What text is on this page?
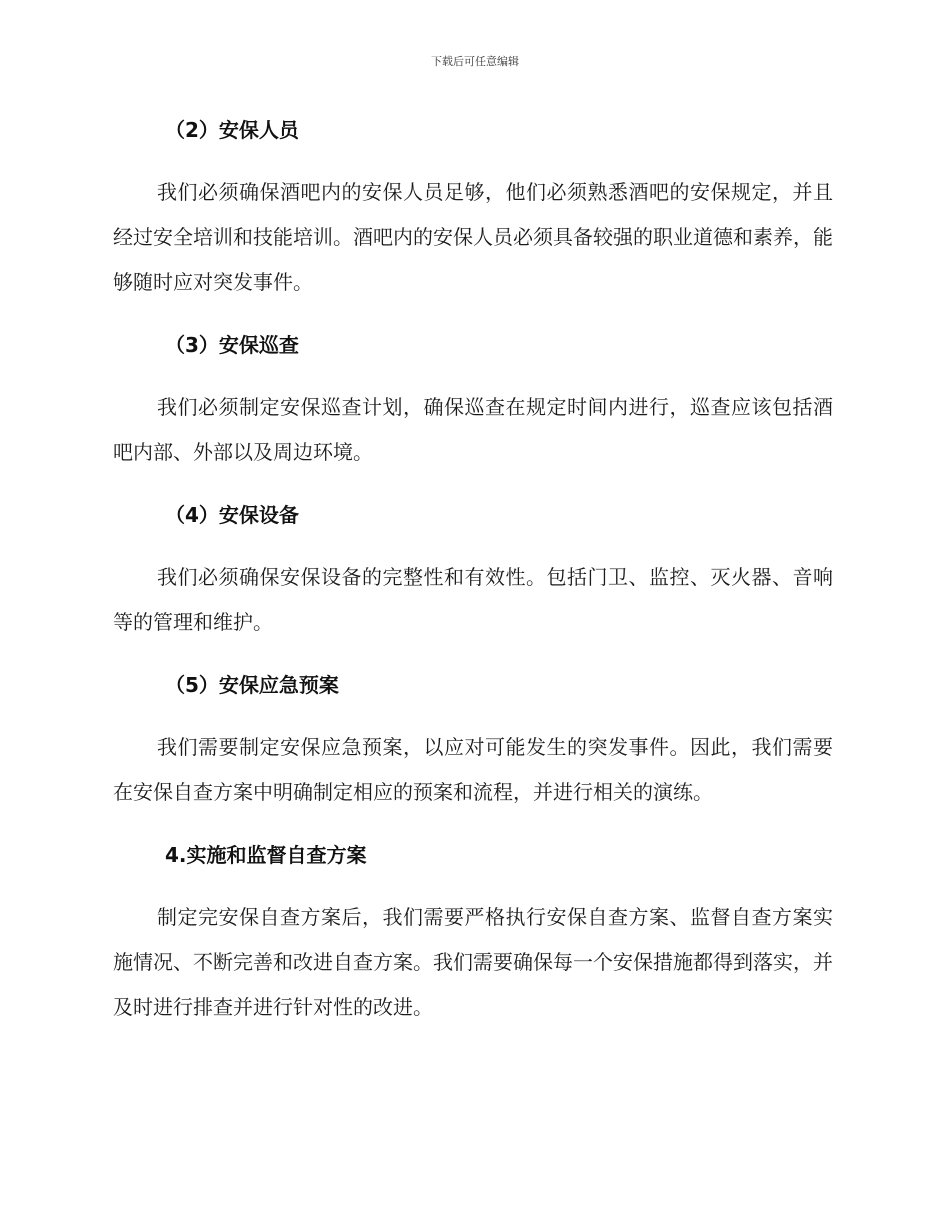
下载后可任意编辑
（2）安保人员

我们必须确保酒吧内的安保人员足够，他们必须熟悉酒吧的安保规定，并且经过安全培训和技能培训。酒吧内的安保人员必须具备较强的职业道德和素养，能够随时应对突发事件。

（3）安保巡查

我们必须制定安保巡查计划，确保巡查在规定时间内进行，巡查应该包括酒吧内部、外部以及周边环境。

（4）安保设备

我们必须确保安保设备的完整性和有效性。包括门卫、监控、灭火器、音响等的管理和维护。

（5）安保应急预案

我们需要制定安保应急预案，以应对可能发生的突发事件。因此，我们需要在安保自查方案中明确制定相应的预案和流程，并进行相关的演练。

4.实施和监督自查方案

制定完安保自查方案后，我们需要严格执行安保自查方案、监督自查方案实施情况、不断完善和改进自查方案。我们需要确保每一个安保措施都得到落实，并及时进行排查并进行针对性的改进。
